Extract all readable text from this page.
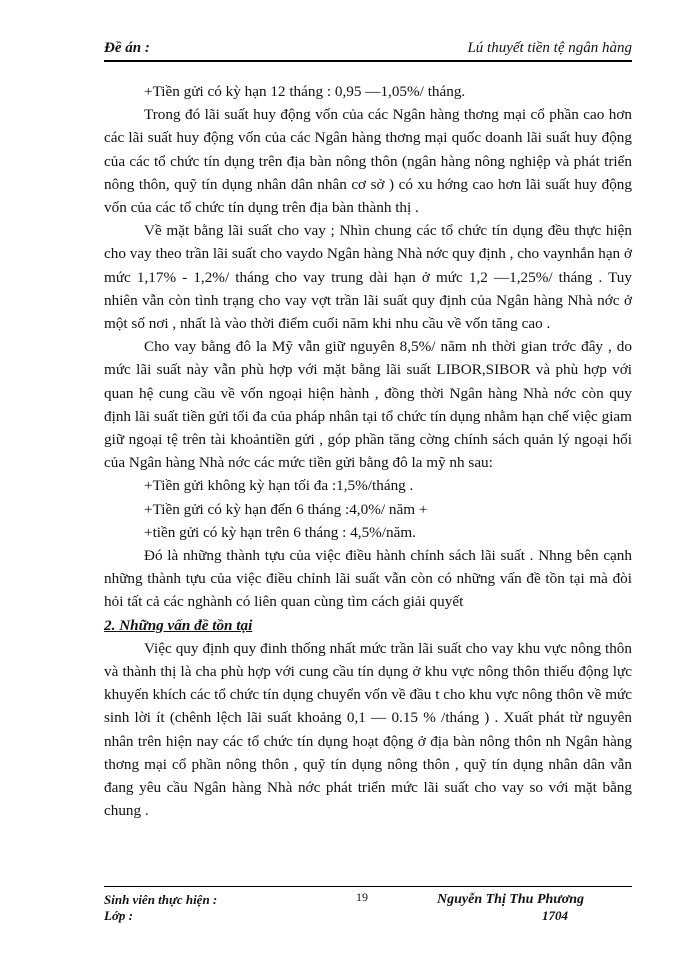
Đề án :	Lú thuyết tiền tệ ngân hàng

+Tiền gửi có kỳ hạn 12 tháng : 0,95 —1,05%/ tháng.

Trong đó lãi suất huy động vốn của các Ngân hàng thơng mại cổ phần cao hơn các lãi suất huy động vốn của các Ngân hàng thơng mại quốc doanh lãi suất huy động của các tổ chức tín dụng trên địa bàn nông thôn (ngân hàng nông nghiệp và phát triển nông thôn, quỹ tín dụng nhân dân nhân cơ sở ) có xu hớng cao hơn lãi suất huy động vốn của các tổ chức tín dụng trên địa bàn thành thị .

Về mặt bằng lãi suất cho vay ; Nhìn chung các tổ chức tín dụng đều thực hiện cho vay theo trần lãi suất cho vaydo Ngân hàng Nhà nớc quy định , cho vaynhắn hạn ở mức 1,17% - 1,2%/ tháng cho vay trung dài hạn ở mức 1,2 —1,25%/ tháng . Tuy nhiên vẫn còn tình trạng cho vay vợt trần lãi suất quy định của Ngân hàng Nhà nớc ở một số nơi , nhất là vào thời điểm cuối năm khi nhu cầu về vốn tăng cao .

Cho vay bằng đô la Mỹ vẫn giữ nguyên 8,5%/ năm nh thời gian trớc đây , do mức lãi suất này vẫn phù hợp với mặt bằng lãi suất LIBOR,SIBOR và phù hợp với quan hệ cung cầu về vốn ngoại hiện hành , đồng thời Ngân hàng Nhà nớc còn quy định lãi suất tiền gửi tối đa của pháp nhân tại tổ chức tín dụng nhằm hạn chế việc giam giữ ngoại tệ trên tài khoảntiền gửi , góp phần tăng cờng chính sách quản lý ngoại hối của Ngân hàng Nhà nớc các mức tiền gửi bằng đô la mỹ nh sau:

+Tiền gửi không kỳ hạn tối đa :1,5%/tháng .

+Tiền gửi có kỳ hạn đến 6 tháng :4,0%/ năm +

+tiền gửi có kỳ hạn trên 6 tháng : 4,5%/năm.

Đó là những thành tựu của việc điều hành chính sách lãi suất . Nhng bên cạnh những thành tựu của việc điều chỉnh lãi suất vẫn còn có những vấn đề tồn tại mà đòi hỏi tất cả các nghành có liên quan cùng tìm cách giải quyết

2. Những vấn đề tồn tại

Việc quy định quy đinh thống nhất mức trần lãi suất cho vay khu vực nông thôn và thành thị là cha phù hợp với cung cầu tín dụng ở khu vực nông thôn thiếu động lực khuyến khích các tổ chức tín dụng chuyển vốn về đầu t cho khu vực nông thôn về mức sinh lời ít (chênh lệch lãi suất khoảng 0,1 — 0.15 % /tháng ) . Xuất phát từ nguyên nhân trên hiện nay các tổ chức tín dụng hoạt động ở địa bàn nông thôn nh Ngân hàng thơng mại cổ phần nông thôn , quỹ tín dụng nông thôn , quỹ tín dụng nhân dân vẫn đang yêu cầu Ngân hàng Nhà nớc phát triển mức lãi suất cho vay so với mặt bằng chung .

Sinh viên thực hiện :
Lớp :
19	Nguyễn Thị Thu Phương
1704
